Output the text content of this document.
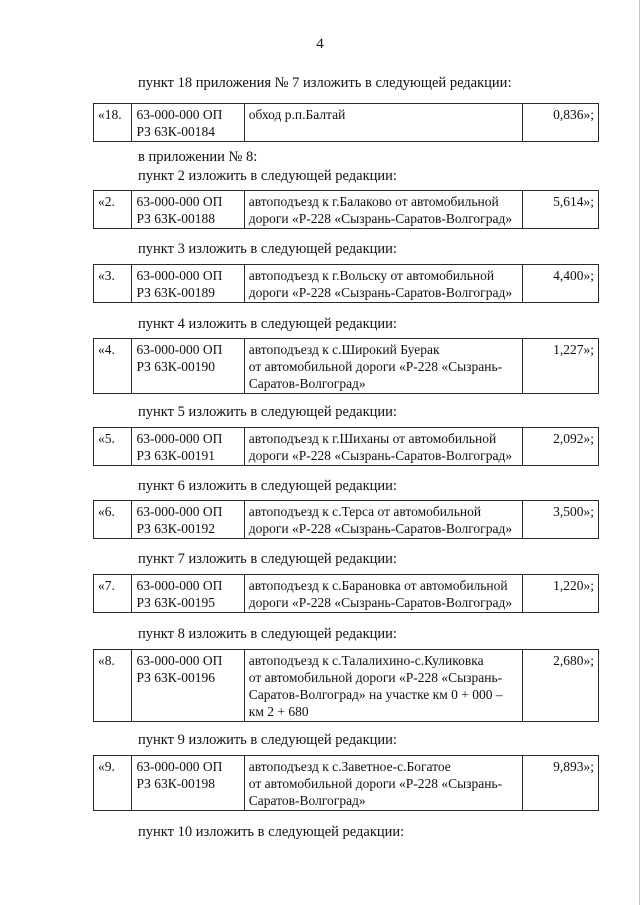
4
пункт 18 приложения № 7 изложить в следующей редакции:
«18.	63-000-000 ОП
РЗ 63К-00184

обход р.п.Балтай	0,836»;
в приложении № 8:
пункт 2 изложить в следующей редакции:
«2.	63-000-000 ОП
РЗ 63К-00188

автоподъезд к г.Балаково от автомобильной
дороги «Р-228 «Сызрань-Саратов-Волгоград»
	5,614»;
пункт 3 изложить в следующей редакции:
«3.	63-000-000 ОП
РЗ 63К-00189

автоподъезд к г.Вольску от автомобильной
дороги «Р-228 «Сызрань-Саратов-Волгоград»
	4,400»;
пункт 4 изложить в следующей редакции:
«4.	63-000-000 ОП
РЗ 63К-00190

автоподъезд к с.Широкий Буерак
от автомобильной дороги «Р-228 «Сызрань-
Саратов-Волгоград»
	1,227»;
пункт 5 изложить в следующей редакции:
«5.	63-000-000 ОП
РЗ 63К-00191

автоподъезд к г.Шиханы от автомобильной
дороги «Р-228 «Сызрань-Саратов-Волгоград»
	2,092»;
пункт 6 изложить в следующей редакции:
«6.	63-000-000 ОП
РЗ 63К-00192

автоподъезд к с.Терса от автомобильной
дороги «Р-228 «Сызрань-Саратов-Волгоград»
	3,500»;
пункт 7 изложить в следующей редакции:
«7.	63-000-000 ОП
РЗ 63К-00195

автоподъезд к с.Барановка от автомобильной
дороги «Р-228 «Сызрань-Саратов-Волгоград»
	1,220»;
пункт 8 изложить в следующей редакции:
«8.	63-000-000 ОП
РЗ 63К-00196

автоподъезд к с.Талалихино-с.Куликовка
от автомобильной дороги «Р-228 «Сызрань-
Саратов-Волгоград» на участке км 0 + 000 –
км 2 + 680
	2,680»;
пункт 9 изложить в следующей редакции:
«9.	63-000-000 ОП
РЗ 63К-00198

автоподъезд к с.Заветное-с.Богатое
от автомобильной дороги «Р-228 «Сызрань-
Саратов-Волгоград»
	9,893»;
пункт 10 изложить в следующей редакции:
